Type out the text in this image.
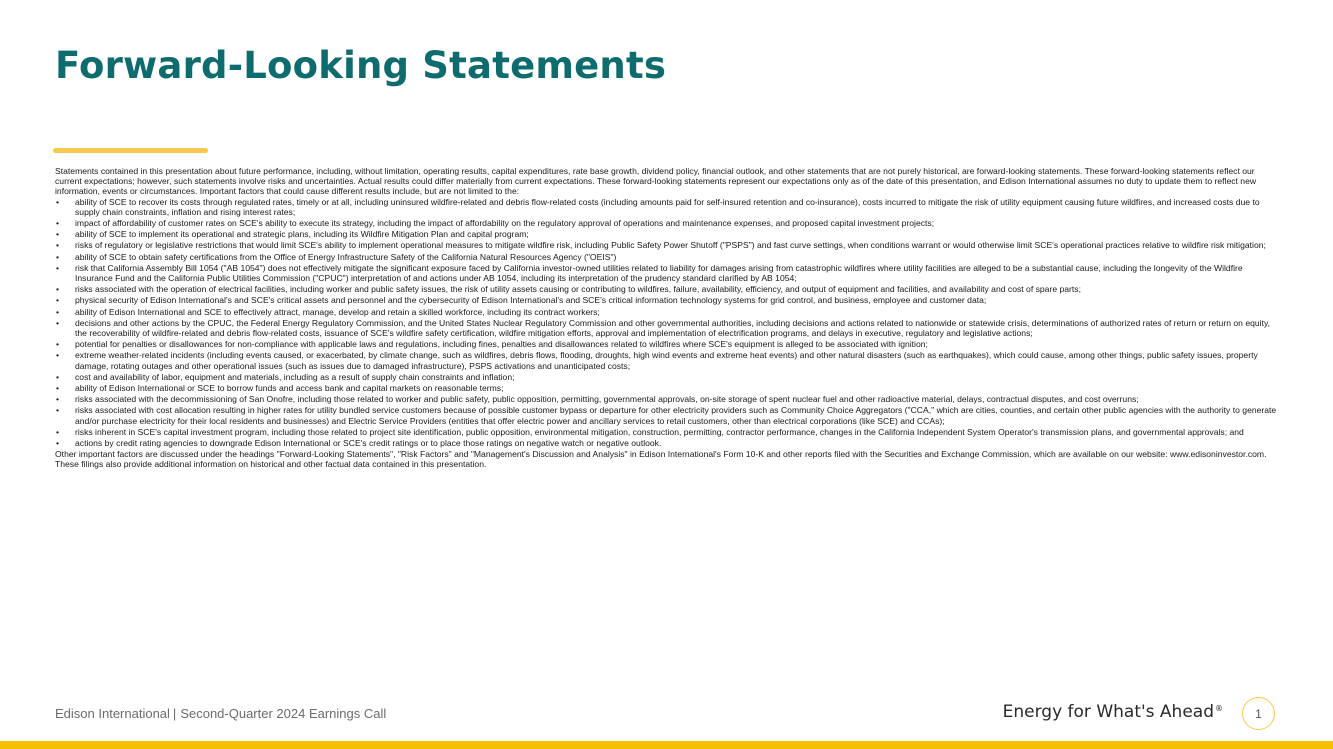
Forward-Looking Statements

Statements contained in this presentation about future performance, including, without limitation, operating results, capital expenditures, rate base growth, dividend policy, financial outlook, and other statements that are not purely historical, are forward-looking statements. These forward-looking statements reflect our current expectations; however, such statements involve risks and uncertainties. Actual results could differ materially from current expectations. These forward-looking statements represent our expectations only as of the date of this presentation, and Edison International assumes no duty to update them to reflect new information, events or circumstances. Important factors that could cause different results include, but are not limited to the:

• ability of SCE to recover its costs through regulated rates, timely or at all, including uninsured wildfire-related and debris flow-related costs (including amounts paid for self-insured retention and co-insurance), costs incurred to mitigate the risk of utility equipment causing future wildfires, and increased costs due to supply chain constraints, inflation and rising interest rates;
• impact of affordability of customer rates on SCE's ability to execute its strategy, including the impact of affordability on the regulatory approval of operations and maintenance expenses, and proposed capital investment projects;
• ability of SCE to implement its operational and strategic plans, including its Wildfire Mitigation Plan and capital program;
• risks of regulatory or legislative restrictions that would limit SCE's ability to implement operational measures to mitigate wildfire risk, including Public Safety Power Shutoff ("PSPS") and fast curve settings, when conditions warrant or would otherwise limit SCE's operational practices relative to wildfire risk mitigation;
• ability of SCE to obtain safety certifications from the Office of Energy Infrastructure Safety of the California Natural Resources Agency ("OEIS")
• risk that California Assembly Bill 1054 ("AB 1054") does not effectively mitigate the significant exposure faced by California investor-owned utilities related to liability for damages arising from catastrophic wildfires where utility facilities are alleged to be a substantial cause, including the longevity of the Wildfire Insurance Fund and the California Public Utilities Commission ("CPUC") interpretation of and actions under AB 1054, including its interpretation of the prudency standard clarified by AB 1054;
• risks associated with the operation of electrical facilities, including worker and public safety issues, the risk of utility assets causing or contributing to wildfires, failure, availability, efficiency, and output of equipment and facilities, and availability and cost of spare parts;
• physical security of Edison International's and SCE's critical assets and personnel and the cybersecurity of Edison International's and SCE's critical information technology systems for grid control, and business, employee and customer data;
• ability of Edison International and SCE to effectively attract, manage, develop and retain a skilled workforce, including its contract workers;
• decisions and other actions by the CPUC, the Federal Energy Regulatory Commission, and the United States Nuclear Regulatory Commission and other governmental authorities, including decisions and actions related to nationwide or statewide crisis, determinations of authorized rates of return or return on equity, the recoverability of wildfire-related and debris flow-related costs, issuance of SCE's wildfire safety certification, wildfire mitigation efforts, approval and implementation of electrification programs, and delays in executive, regulatory and legislative actions;
• potential for penalties or disallowances for non-compliance with applicable laws and regulations, including fines, penalties and disallowances related to wildfires where SCE's equipment is alleged to be associated with ignition;
• extreme weather-related incidents (including events caused, or exacerbated, by climate change, such as wildfires, debris flows, flooding, droughts, high wind events and extreme heat events) and other natural disasters (such as earthquakes), which could cause, among other things, public safety issues, property damage, rotating outages and other operational issues (such as issues due to damaged infrastructure), PSPS activations and unanticipated costs;
• cost and availability of labor, equipment and materials, including as a result of supply chain constraints and inflation;
• ability of Edison International or SCE to borrow funds and access bank and capital markets on reasonable terms;
• risks associated with the decommissioning of San Onofre, including those related to worker and public safety, public opposition, permitting, governmental approvals, on-site storage of spent nuclear fuel and other radioactive material, delays, contractual disputes, and cost overruns;
• risks associated with cost allocation resulting in higher rates for utility bundled service customers because of possible customer bypass or departure for other electricity providers such as Community Choice Aggregators ("CCA," which are cities, counties, and certain other public agencies with the authority to generate and/or purchase electricity for their local residents and businesses) and Electric Service Providers (entities that offer electric power and ancillary services to retail customers, other than electrical corporations (like SCE) and CCAs);
• risks inherent in SCE's capital investment program, including those related to project site identification, public opposition, environmental mitigation, construction, permitting, contractor performance, changes in the California Independent System Operator's transmission plans, and governmental approvals; and
• actions by credit rating agencies to downgrade Edison International or SCE's credit ratings or to place those ratings on negative watch or negative outlook.

Other important factors are discussed under the headings "Forward-Looking Statements", "Risk Factors" and "Management's Discussion and Analysis" in Edison International's Form 10-K and other reports filed with the Securities and Exchange Commission, which are available on our website: www.edisoninvestor.com. These filings also provide additional information on historical and other factual data contained in this presentation.

Edison International | Second-Quarter 2024 Earnings Call	Energy for What's Ahead®	1
